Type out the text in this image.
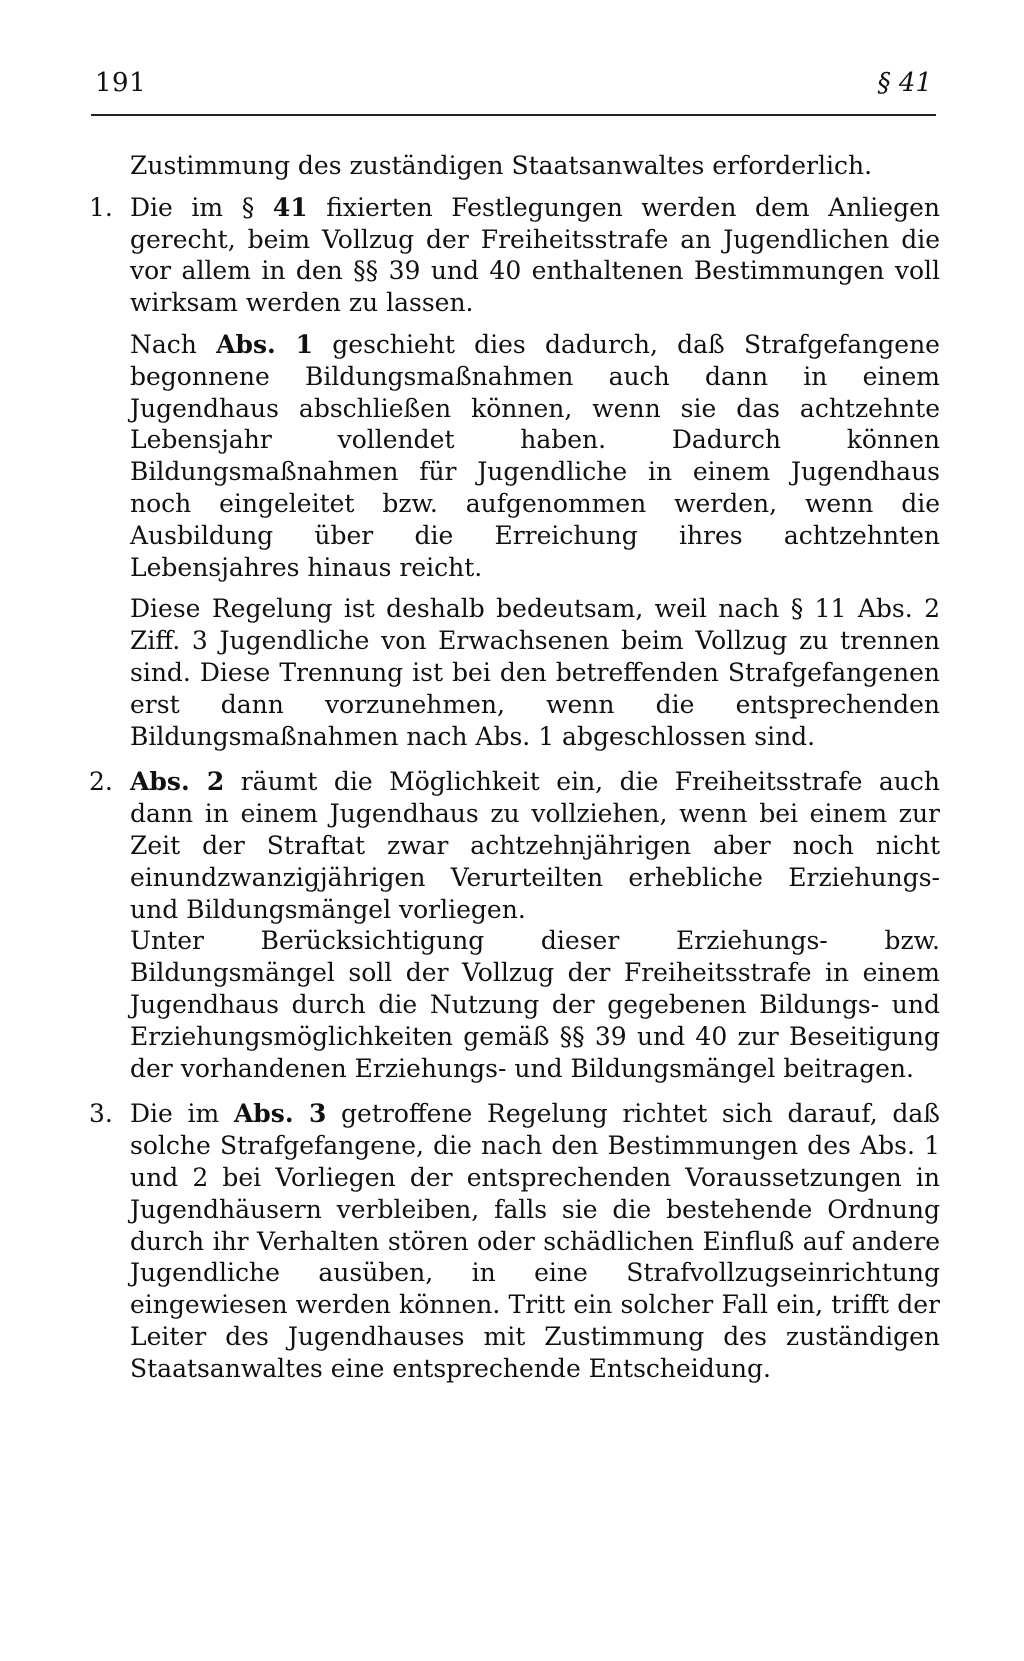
191	§ 41

Zustimmung des zuständigen Staatsanwaltes erforderlich.

1. Die im § 41 fixierten Festlegungen werden dem Anliegen gerecht, beim Vollzug der Freiheitsstrafe an Jugendlichen die vor allem in den §§ 39 und 40 enthaltenen Bestimmungen voll wirksam werden zu lassen.

Nach Abs. 1 geschieht dies dadurch, daß Strafgefangene begonnene Bildungsmaßnahmen auch dann in einem Jugendhaus abschließen können, wenn sie das achtzehnte Lebensjahr vollendet haben. Dadurch können Bildungsmaßnahmen für Jugendliche in einem Jugendhaus noch eingeleitet bzw. aufgenommen werden, wenn die Ausbildung über die Erreichung ihres achtzehnten Lebensjahres hinaus reicht.

Diese Regelung ist deshalb bedeutsam, weil nach § 11 Abs. 2 Ziff. 3 Jugendliche von Erwachsenen beim Vollzug zu trennen sind. Diese Trennung ist bei den betreffenden Strafgefangenen erst dann vorzunehmen, wenn die entsprechenden Bildungsmaßnahmen nach Abs. 1 abgeschlossen sind.

2. Abs. 2 räumt die Möglichkeit ein, die Freiheitsstrafe auch dann in einem Jugendhaus zu vollziehen, wenn bei einem zur Zeit der Straftat zwar achtzehnjährigen aber noch nicht einundzwanzigjährigen Verurteilten erhebliche Erziehungs- und Bildungsmängel vorliegen.

Unter Berücksichtigung dieser Erziehungs- bzw. Bildungsmängel soll der Vollzug der Freiheitsstrafe in einem Jugendhaus durch die Nutzung der gegebenen Bildungs- und Erziehungsmöglichkeiten gemäß §§ 39 und 40 zur Beseitigung der vorhandenen Erziehungs- und Bildungsmängel beitragen.

3. Die im Abs. 3 getroffene Regelung richtet sich darauf, daß solche Strafgefangene, die nach den Bestimmungen des Abs. 1 und 2 bei Vorliegen der entsprechenden Voraussetzungen in Jugendhäusern verbleiben, falls sie die bestehende Ordnung durch ihr Verhalten stören oder schädlichen Einfluß auf andere Jugendliche ausüben, in eine Strafvollzugseinrichtung eingewiesen werden können. Tritt ein solcher Fall ein, trifft der Leiter des Jugendhauses mit Zustimmung des zuständigen Staatsanwaltes eine entsprechende Entscheidung.
